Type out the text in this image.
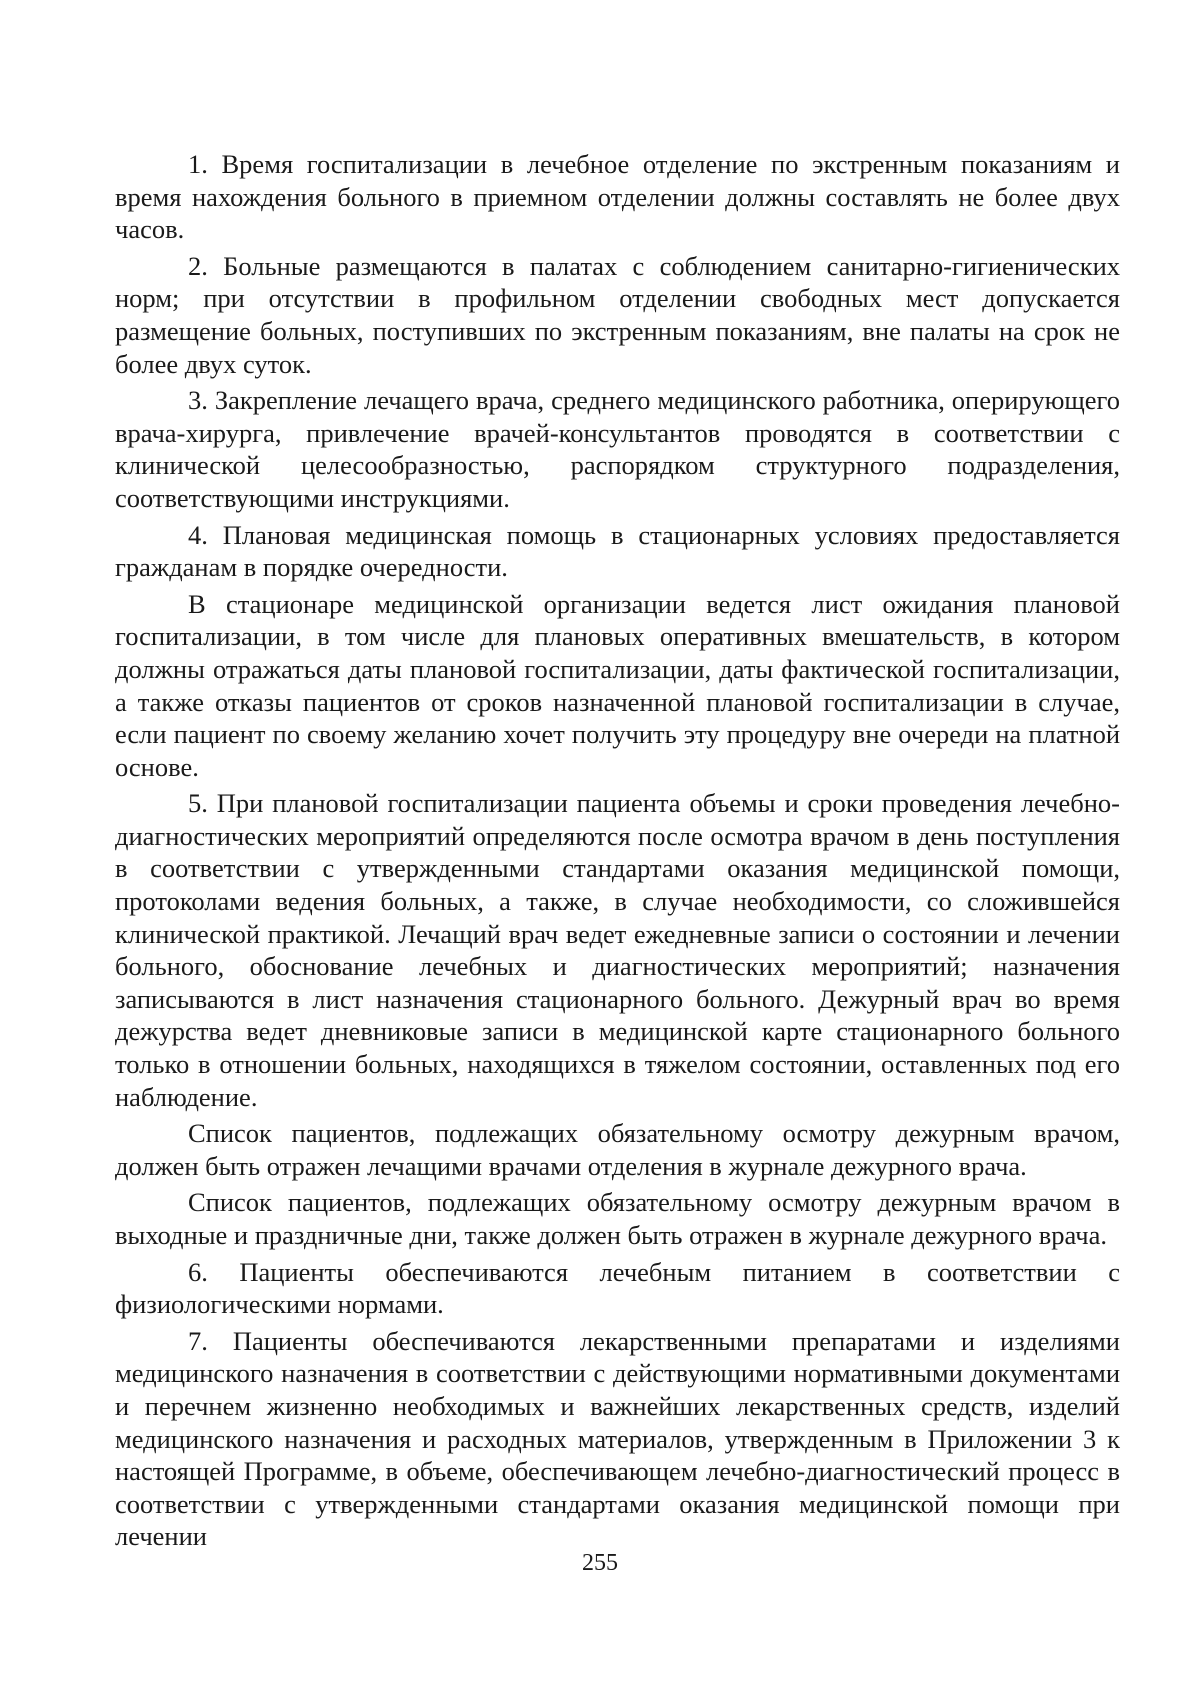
1. Время госпитализации в лечебное отделение по экстренным показаниям и время нахождения больного в приемном отделении должны составлять не более двух часов.

2. Больные размещаются в палатах с соблюдением санитарно-гигиенических норм; при отсутствии в профильном отделении свободных мест допускается размещение больных, поступивших по экстренным показаниям, вне палаты на срок не более двух суток.

3. Закрепление лечащего врача, среднего медицинского работника, оперирующего врача-хирурга, привлечение врачей-консультантов проводятся в соответствии с клинической целесообразностью, распорядком структурного подразделения, соответствующими инструкциями.

4. Плановая медицинская помощь в стационарных условиях предоставляется гражданам в порядке очередности.

В стационаре медицинской организации ведется лист ожидания плановой госпитализации, в том числе для плановых оперативных вмешательств, в котором должны отражаться даты плановой госпитализации, даты фактической госпитализации, а также отказы пациентов от сроков назначенной плановой госпитализации в случае, если пациент по своему желанию хочет получить эту процедуру вне очереди на платной основе.

5. При плановой госпитализации пациента объемы и сроки проведения лечебно-диагностических мероприятий определяются после осмотра врачом в день поступления в соответствии с утвержденными стандартами оказания медицинской помощи, протоколами ведения больных, а также, в случае необходимости, со сложившейся клинической практикой. Лечащий врач ведет ежедневные записи о состоянии и лечении больного, обоснование лечебных и диагностических мероприятий; назначения записываются в лист назначения стационарного больного. Дежурный врач во время дежурства ведет дневниковые записи в медицинской карте стационарного больного только в отношении больных, находящихся в тяжелом состоянии, оставленных под его наблюдение.

Список пациентов, подлежащих обязательному осмотру дежурным врачом, должен быть отражен лечащими врачами отделения в журнале дежурного врача.

Список пациентов, подлежащих обязательному осмотру дежурным врачом в выходные и праздничные дни, также должен быть отражен в журнале дежурного врача.

6. Пациенты обеспечиваются лечебным питанием в соответствии с физиологическими нормами.

7. Пациенты обеспечиваются лекарственными препаратами и изделиями медицинского назначения в соответствии с действующими нормативными документами и перечнем жизненно необходимых и важнейших лекарственных средств, изделий медицинского назначения и расходных материалов, утвержденным в Приложении 3 к настоящей Программе, в объеме, обеспечивающем лечебно-диагностический процесс в соответствии с утвержденными стандартами оказания медицинской помощи при лечении

255
